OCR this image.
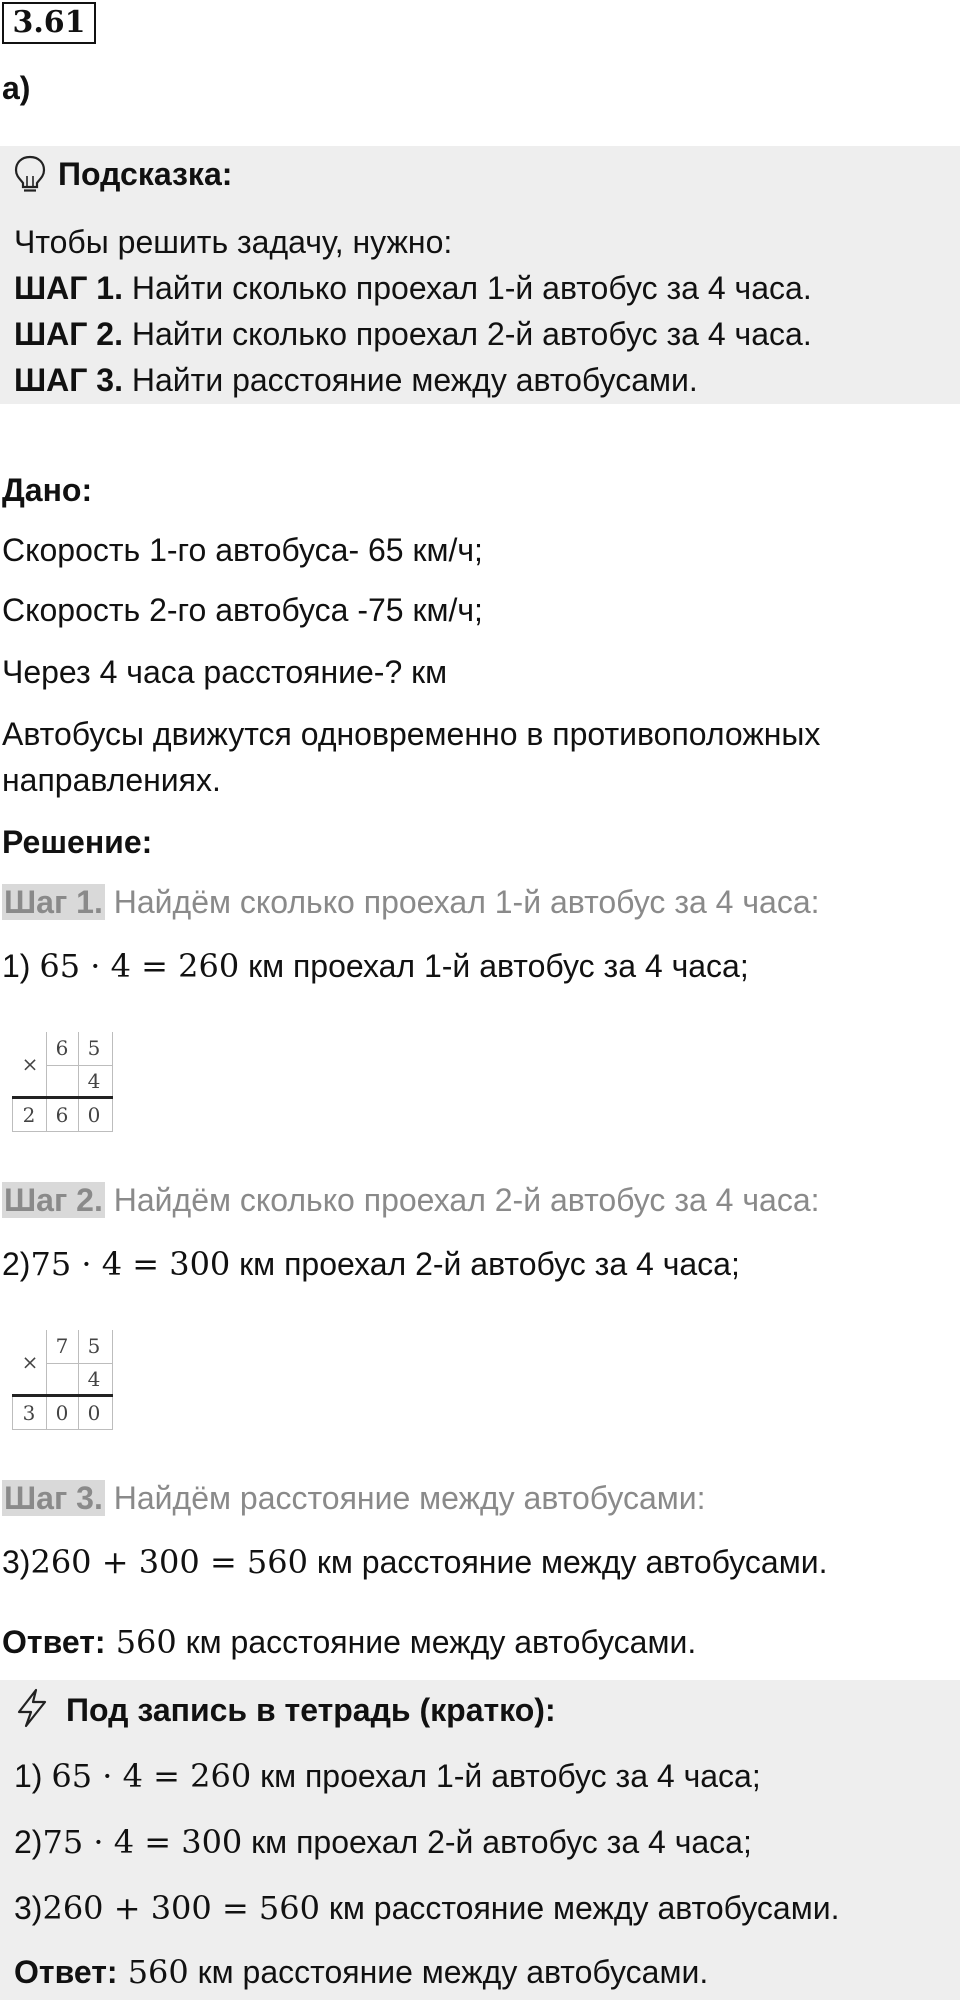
3.61
а)
Подсказка:
Чтобы решить задачу, нужно:
ШАГ 1. Найти сколько проехал 1-й автобус за 4 часа.
ШАГ 2. Найти сколько проехал 2-й автобус за 4 часа.
ШАГ 3. Найти расстояние между автобусами.
Дано:
Скорость 1-го автобуса- 65 км/ч;
Скорость 2-го автобуса -75 км/ч;
Через 4 часа расстояние-? км
Автобусы движутся одновременно в противоположных
направлениях.
Решение:
Шаг 1. Найдём сколько проехал 1-й автобус за 4 часа:
1) 65 · 4 = 260 км проехал 1-й автобус за 4 часа;
×
6 5
4
2	6 0
Шаг 2. Найдём сколько проехал 2-й автобус за 4 часа:
2)75 · 4 = 300 км проехал 2-й автобус за 4 часа;
×
7 5
4
3	0 0
Шаг 3. Найдём расстояние между автобусами:
3)260 + 300 = 560 км расстояние между автобусами.
Ответ: 560 км расстояние между автобусами.
Под запись в тетрадь (кратко):
1) 65 · 4 = 260 км проехал 1-й автобус за 4 часа;
2)75 · 4 = 300 км проехал 2-й автобус за 4 часа;
3)260 + 300 = 560 км расстояние между автобусами.
Ответ: 560 км расстояние между автобусами.
